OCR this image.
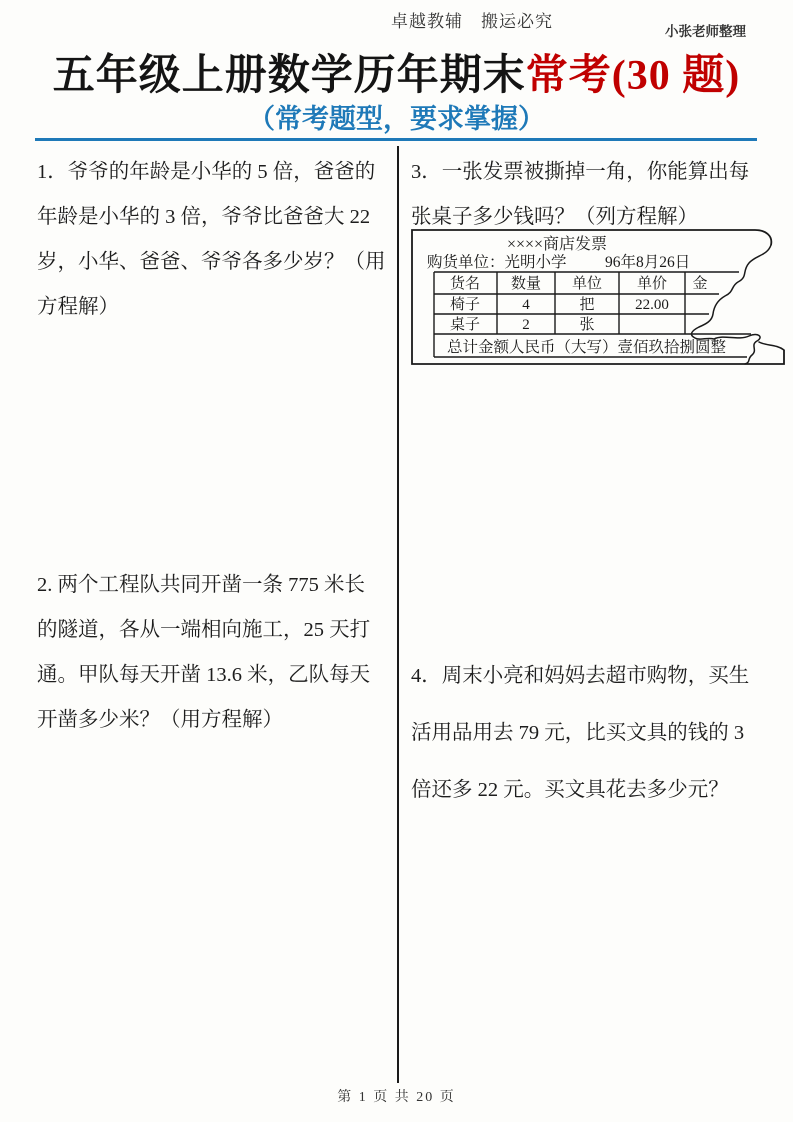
卓越教辅　搬运必究
小张老师整理
五年级上册数学历年期末常考(30 题)
（常考题型，要求掌握）
1．爷爷的年龄是小华的 5 倍，爸爸的
年龄是小华的 3 倍，爷爷比爸爸大 22
岁，小华、爸爸、爷爷各多少岁？（用
方程解）
2. 两个工程队共同开凿一条 775 米长
的隧道，各从一端相向施工，25 天打
通。甲队每天开凿 13.6 米，乙队每天
开凿多少米？（用方程解）
3．一张发票被撕掉一角，你能算出每
张桌子多少钱吗？（列方程解）
4．周末小亮和妈妈去超市购物，买生
活用品用去 79 元，比买文具的钱的 3
倍还多 22 元。买文具花去多少元？
××××商店发票
购货单位：光明小学 96年8月26日
货名 数量 单位 单价 金
椅子	4	把	22.00
桌子	2	张
总计金额人民币（大写）壹佰玖拾捌圆整
第 1 页 共 20 页
